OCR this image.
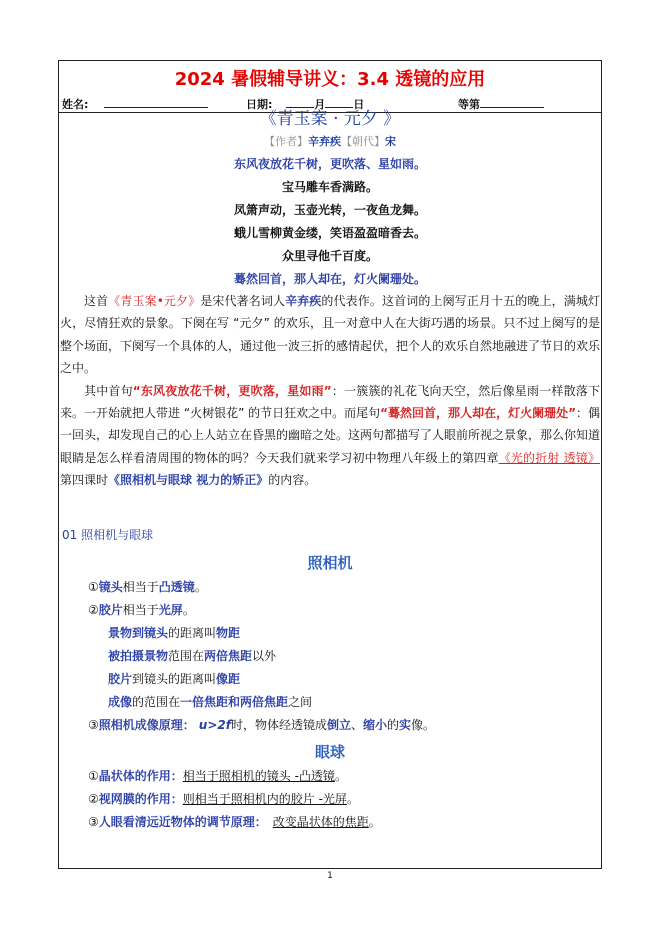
2024 暑假辅导讲义：3.4 透镜的应用
姓名:	日期:	月	日	等第
《青玉案 · 元夕 》
【作者】辛弃疾【朝代】宋
东风夜放花千树，更吹落、星如雨。
宝马雕车香满路。
凤箫声动，玉壶光转，一夜鱼龙舞。
蛾儿雪柳黄金缕，笑语盈盈暗香去。
众里寻他千百度。
蓦然回首，那人却在，灯火阑珊处。

这首《青玉案•元夕》是宋代著名词人辛弃疾的代表作。这首词的上阕写正月十五的晚上，满城灯火，尽情狂欢的景象。下阕在写 “元夕” 的欢乐，且一对意中人在大街巧遇的场景。只不过上阕写的是整个场面，下阕写一个具体的人，通过他一波三折的感情起伏，把个人的欢乐自然地融进了节日的欢乐之中。

其中首句“东风夜放花千树，更吹落，星如雨”：一簇簇的礼花飞向天空，然后像星雨一样散落下来。一开始就把人带进 “火树银花” 的节日狂欢之中。而尾句“蓦然回首，那人却在，灯火阑珊处”：偶一回头，却发现自己的心上人站立在昏黑的幽暗之处。这两句都描写了人眼前所视之景象，那么你知道眼睛是怎么样看清周围的物体的吗？今天我们就来学习初中物理八年级上的第四章《光的折射 透镜》第四课时《照相机与眼球 视力的矫正》的内容。

01 照相机与眼球
照相机
①镜头相当于凸透镜。
②胶片相当于光屏。
景物到镜头的距离叫物距
被拍摄景物范围在两倍焦距以外
胶片到镜头的距离叫像距
成像的范围在一倍焦距和两倍焦距之间
③照相机成像原理： u>2f时，物体经透镜成倒立、缩小的实像。
眼球
①晶状体的作用：相当于照相机的镜头 -凸透镜。
②视网膜的作用：则相当于照相机内的胶片 -光屏。
③人眼看清远近物体的调节原理： 改变晶状体的焦距。
1
